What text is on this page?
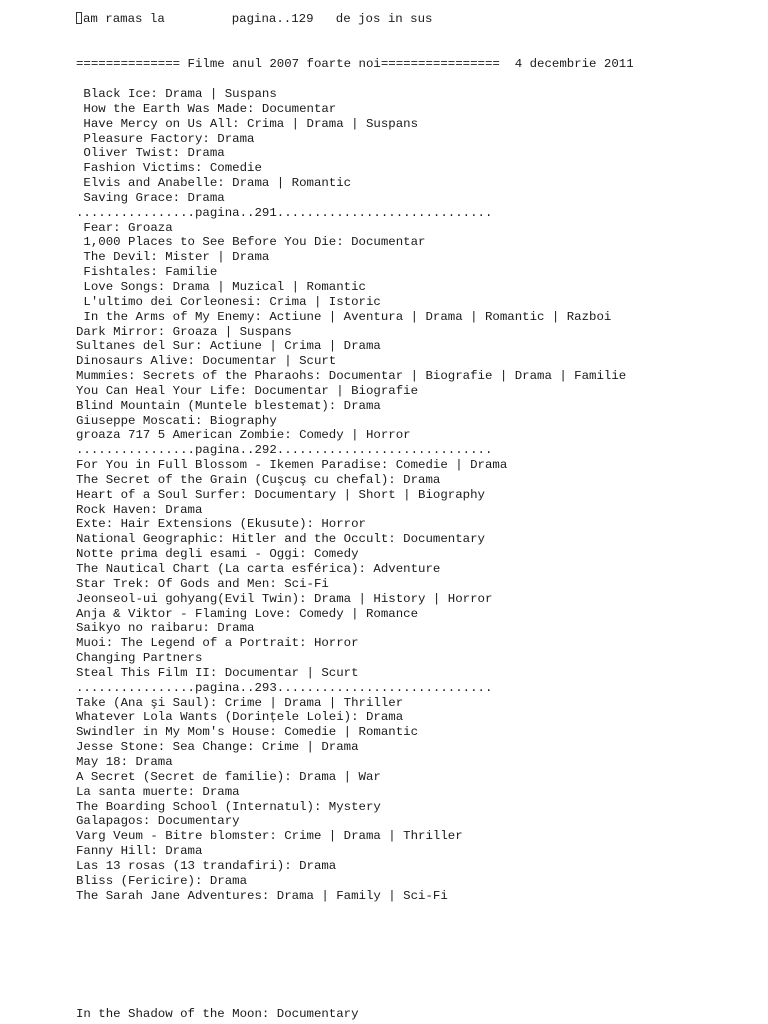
am ramas la         pagina..129   de jos in sus
============== Filme anul 2007 foarte noi================  4 decembrie 2011
Black Ice: Drama | Suspans
How the Earth Was Made: Documentar
Have Mercy on Us All: Crima | Drama | Suspans
Pleasure Factory: Drama
Oliver Twist: Drama
Fashion Victims: Comedie
Elvis and Anabelle: Drama | Romantic
Saving Grace: Drama
................pagina..291.............................
Fear: Groaza
1,000 Places to See Before You Die: Documentar
The Devil: Mister | Drama
Fishtales: Familie
Love Songs: Drama | Muzical | Romantic
L'ultimo dei Corleonesi: Crima | Istoric
In the Arms of My Enemy: Actiune | Aventura | Drama | Romantic | Razboi
Dark Mirror: Groaza | Suspans
Sultanes del Sur: Actiune | Crima | Drama
Dinosaurs Alive: Documentar | Scurt
Mummies: Secrets of the Pharaohs: Documentar | Biografie | Drama | Familie
You Can Heal Your Life: Documentar | Biografie
Blind Mountain (Muntele blestemat): Drama
Giuseppe Moscati: Biography
groaza 717 5 American Zombie: Comedy | Horror
................pagina..292.............................
For You in Full Blossom - Ikemen Paradise: Comedie | Drama
The Secret of the Grain (Cuşcuş cu chefal): Drama
Heart of a Soul Surfer: Documentary | Short | Biography
Rock Haven: Drama
Exte: Hair Extensions (Ekusute): Horror
National Geographic: Hitler and the Occult: Documentary
Notte prima degli esami - Oggi: Comedy
The Nautical Chart (La carta esférica): Adventure
Star Trek: Of Gods and Men: Sci-Fi
Jeonseol-ui gohyang(Evil Twin): Drama | History | Horror
Anja & Viktor - Flaming Love: Comedy | Romance
Saikyo no raibaru: Drama
Muoi: The Legend of a Portrait: Horror
Changing Partners
Steal This Film II: Documentar | Scurt
................pagina..293.............................
Take (Ana şi Saul): Crime | Drama | Thriller
Whatever Lola Wants (Dorințele Lolei): Drama
Swindler in My Mom's House: Comedie | Romantic
Jesse Stone: Sea Change: Crime | Drama
May 18: Drama
A Secret (Secret de familie): Drama | War
La santa muerte: Drama
The Boarding School (Internatul): Mystery
Galapagos: Documentary
Varg Veum - Bitre blomster: Crime | Drama | Thriller
Fanny Hill: Drama
Las 13 rosas (13 trandafiri): Drama
Bliss (Fericire): Drama
The Sarah Jane Adventures: Drama | Family | Sci-Fi
In the Shadow of the Moon: Documentary
